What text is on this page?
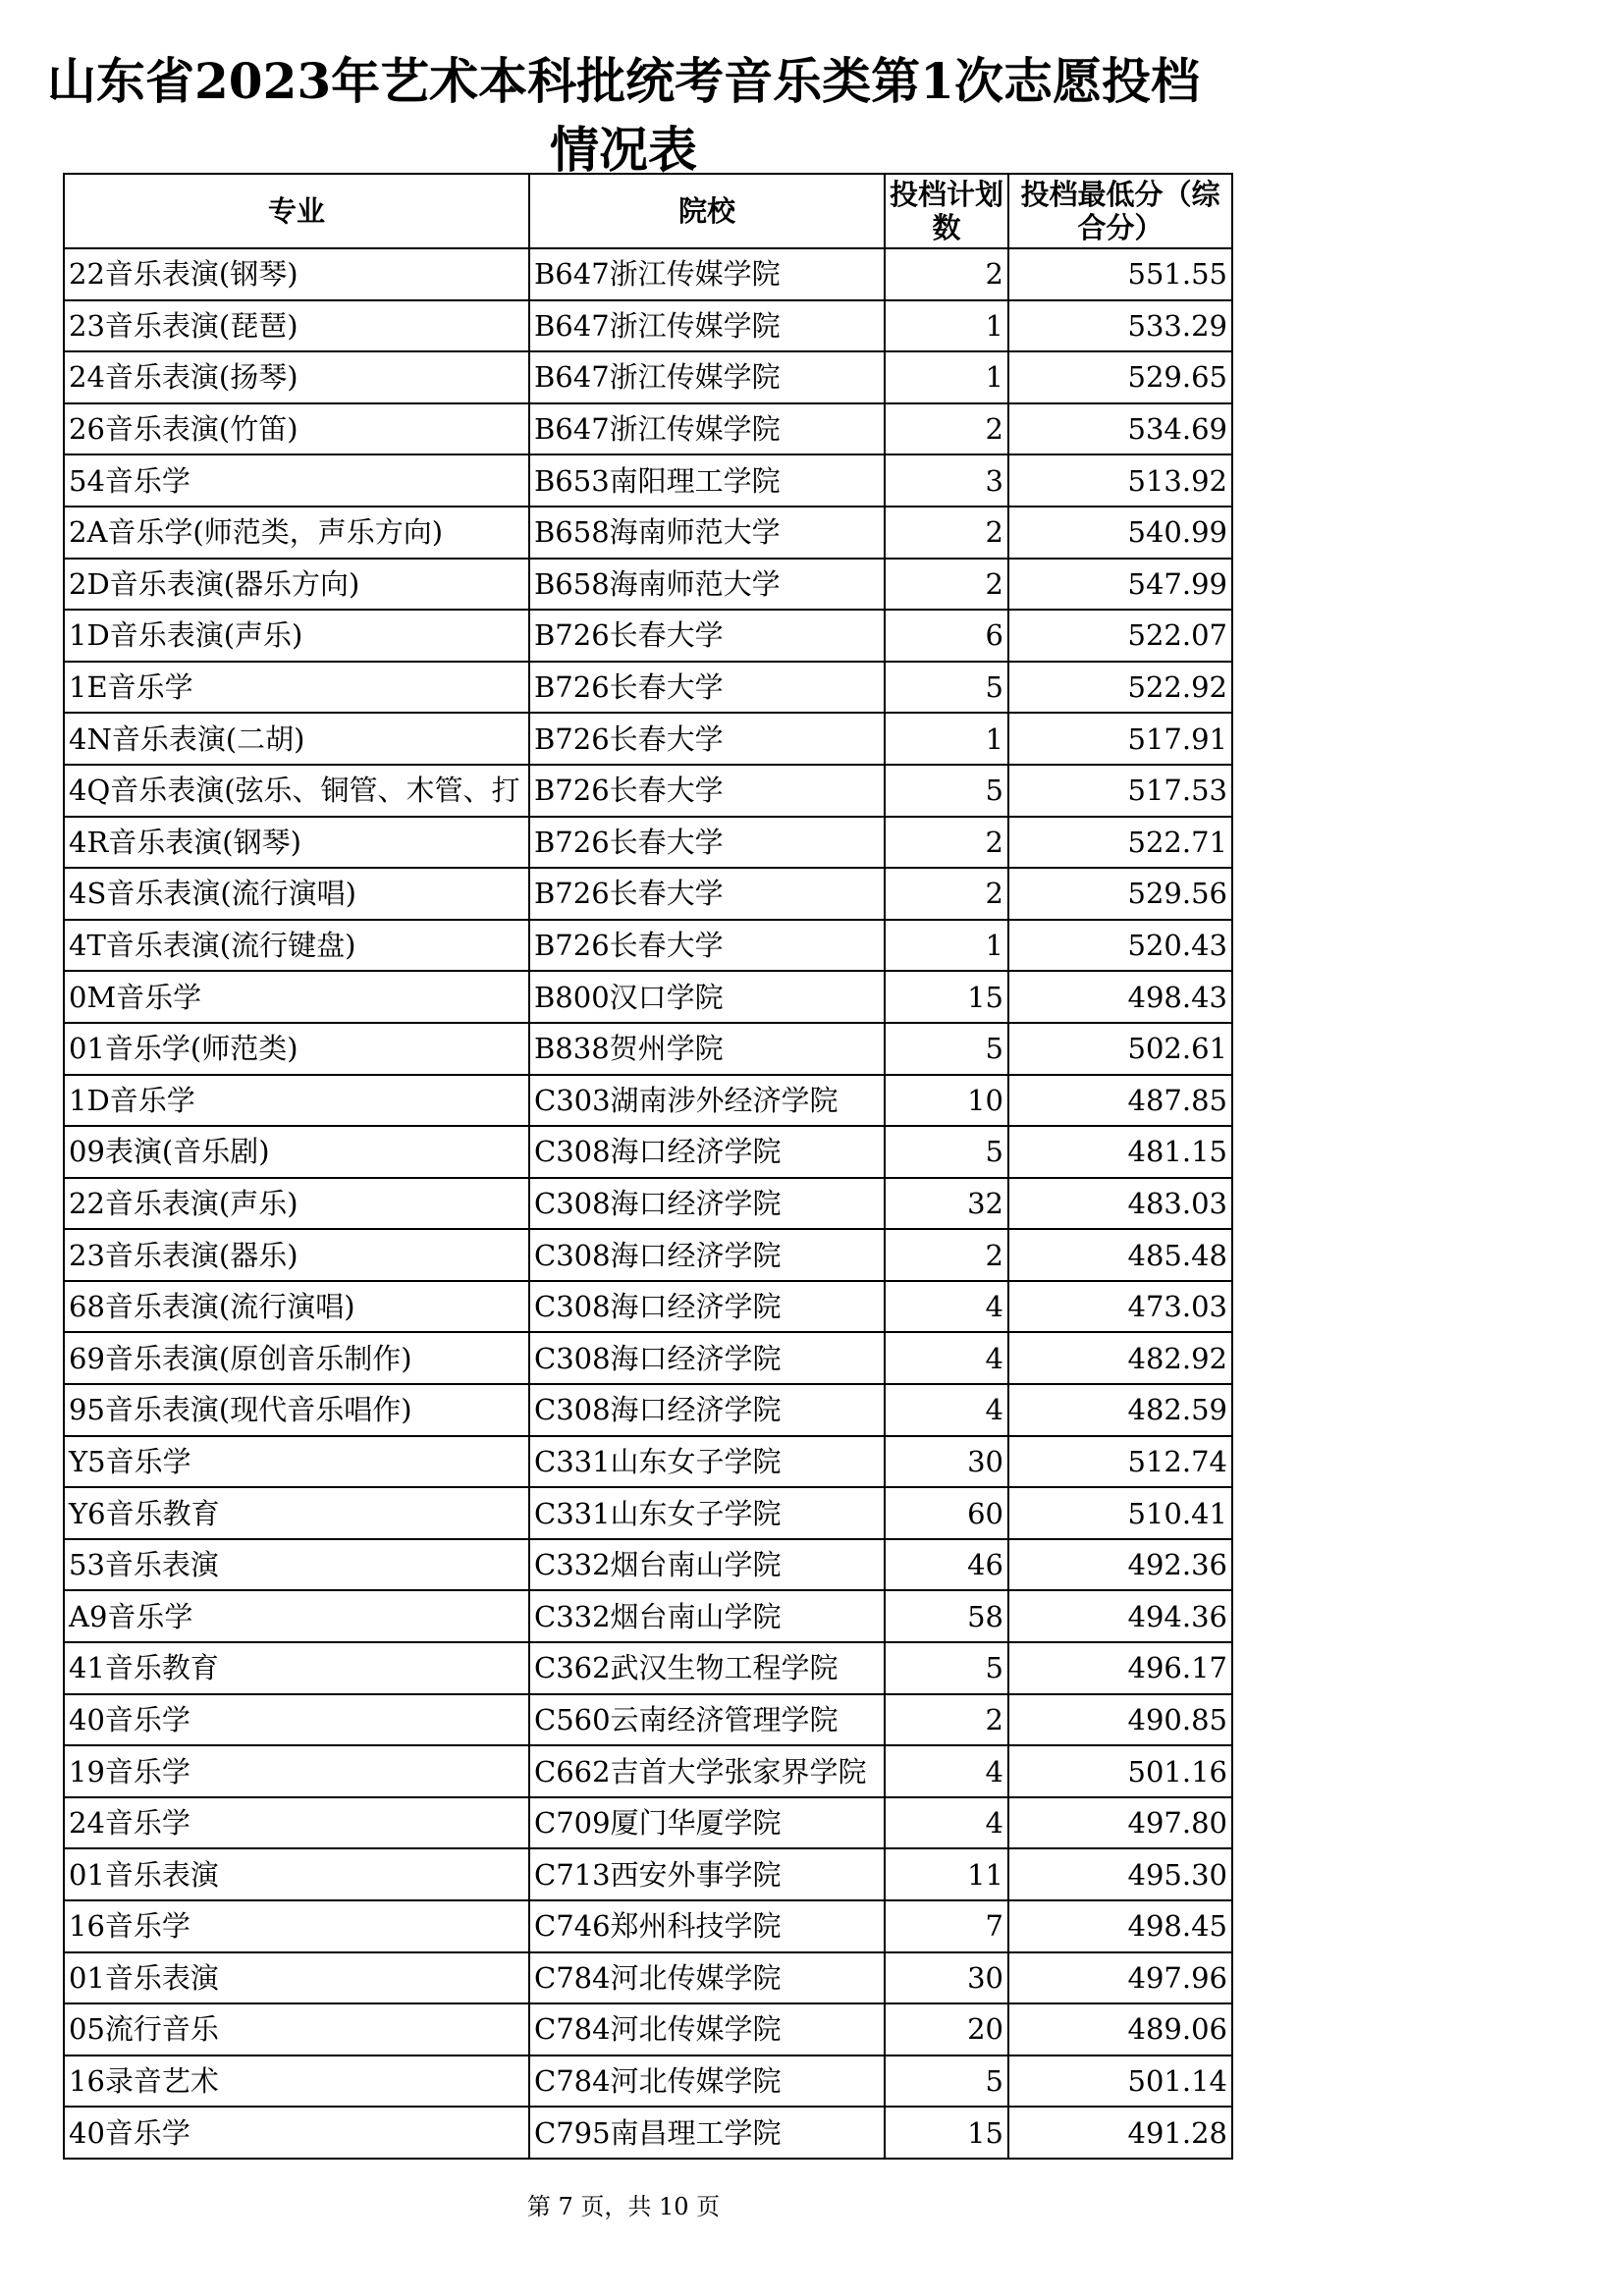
山东省2023年艺术本科批统考音乐类第1次志愿投档
情况表
专业	院校	投档计划数	投档最低分（综合分）
22音乐表演(钢琴)	B647浙江传媒学院	2	551.55
23音乐表演(琵琶)	B647浙江传媒学院	1	533.29
24音乐表演(扬琴)	B647浙江传媒学院	1	529.65
26音乐表演(竹笛)	B647浙江传媒学院	2	534.69
54音乐学	B653南阳理工学院	3	513.92
2A音乐学(师范类，声乐方向)	B658海南师范大学	2	540.99
2D音乐表演(器乐方向)	B658海南师范大学	2	547.99
1D音乐表演(声乐)	B726长春大学	6	522.07
1E音乐学	B726长春大学	5	522.92
4N音乐表演(二胡)	B726长春大学	1	517.91
4Q音乐表演(弦乐、铜管、木管、打	B726长春大学	5	517.53
4R音乐表演(钢琴)	B726长春大学	2	522.71
4S音乐表演(流行演唱)	B726长春大学	2	529.56
4T音乐表演(流行键盘)	B726长春大学	1	520.43
0M音乐学	B800汉口学院	15	498.43
01音乐学(师范类)	B838贺州学院	5	502.61
1D音乐学	C303湖南涉外经济学院	10	487.85
09表演(音乐剧)	C308海口经济学院	5	481.15
22音乐表演(声乐)	C308海口经济学院	32	483.03
23音乐表演(器乐)	C308海口经济学院	2	485.48
68音乐表演(流行演唱)	C308海口经济学院	4	473.03
69音乐表演(原创音乐制作)	C308海口经济学院	4	482.92
95音乐表演(现代音乐唱作)	C308海口经济学院	4	482.59
Y5音乐学	C331山东女子学院	30	512.74
Y6音乐教育	C331山东女子学院	60	510.41
53音乐表演	C332烟台南山学院	46	492.36
A9音乐学	C332烟台南山学院	58	494.36
41音乐教育	C362武汉生物工程学院	5	496.17
40音乐学	C560云南经济管理学院	2	490.85
19音乐学	C662吉首大学张家界学院	4	501.16
24音乐学	C709厦门华厦学院	4	497.80
01音乐表演	C713西安外事学院	11	495.30
16音乐学	C746郑州科技学院	7	498.45
01音乐表演	C784河北传媒学院	30	497.96
05流行音乐	C784河北传媒学院	20	489.06
16录音艺术	C784河北传媒学院	5	501.14
40音乐学	C795南昌理工学院	15	491.28
第 7 页，共 10 页
